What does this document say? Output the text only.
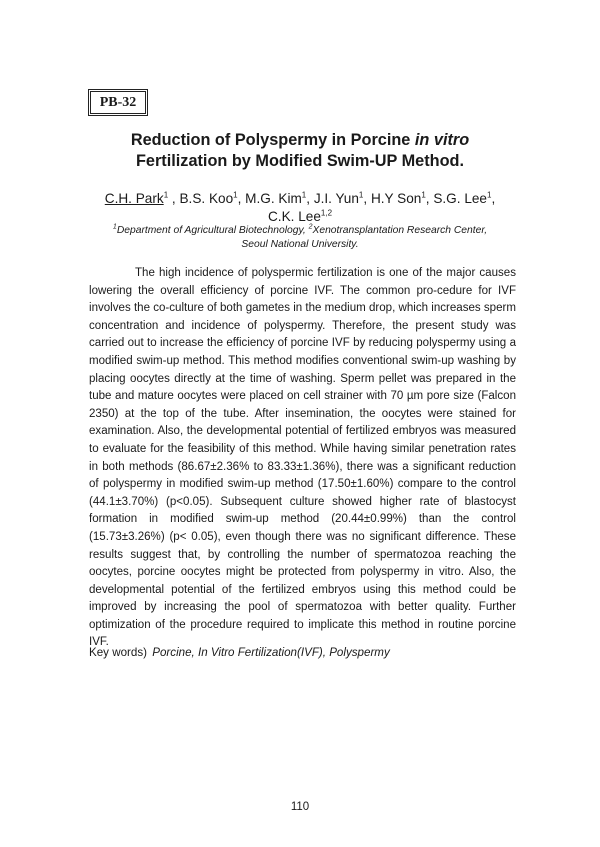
PB-32
Reduction of Polyspermy in Porcine in vitro
Fertilization by Modified Swim-UP Method.
C.H. Park$^1$ , B.S. Koo$^1$, M.G. Kim$^1$, J.I. Yun$^1$, H.Y Son$^1$, S.G. Lee$^1$,
C.K. Lee$^{1,2}$
$^1$Department of Agricultural Biotechnology, $^2$Xenotransplantation Research Center,
Seoul National University.

The high incidence of polyspermic fertilization is one of the major causes lowering the overall efficiency of porcine IVF. The common pro-cedure for IVF involves the co-culture of both gametes in the medium drop, which increases sperm concentration and incidence of polyspermy. Therefore, the present study was carried out to increase the efficiency of porcine IVF by reducing polyspermy using a modified swim-up method. This method modifies conventional swim-up washing by placing oocytes directly at the time of washing. Sperm pellet was prepared in the tube and mature oocytes were placed on cell strainer with 70 µm pore size (Falcon 2350) at the top of the tube. After insemination, the oocytes were stained for examination. Also, the developmental potential of fertilized embryos was measured to evaluate for the feasibility of this method. While having similar penetration rates in both methods (86.67±2.36% to 83.33±1.36%), there was a significant reduction of polyspermy in modified swim-up method (17.50±1.60%) compare to the control (44.1±3.70%) (p<0.05). Subsequent culture showed higher rate of blastocyst formation in modified swim-up method (20.44±0.99%) than the control (15.73±3.26%) (p< 0.05), even though there was no significant difference. These results suggest that, by controlling the number of spermatozoa reaching the oocytes, porcine oocytes might be protected from polyspermy in vitro. Also, the developmental potential of the fertilized embryos using this method could be improved by increasing the pool of spermatozoa with better quality. Further optimization of the procedure required to implicate this method in routine porcine IVF.

Key words) Porcine, In Vitro Fertilization(IVF), Polyspermy
110
